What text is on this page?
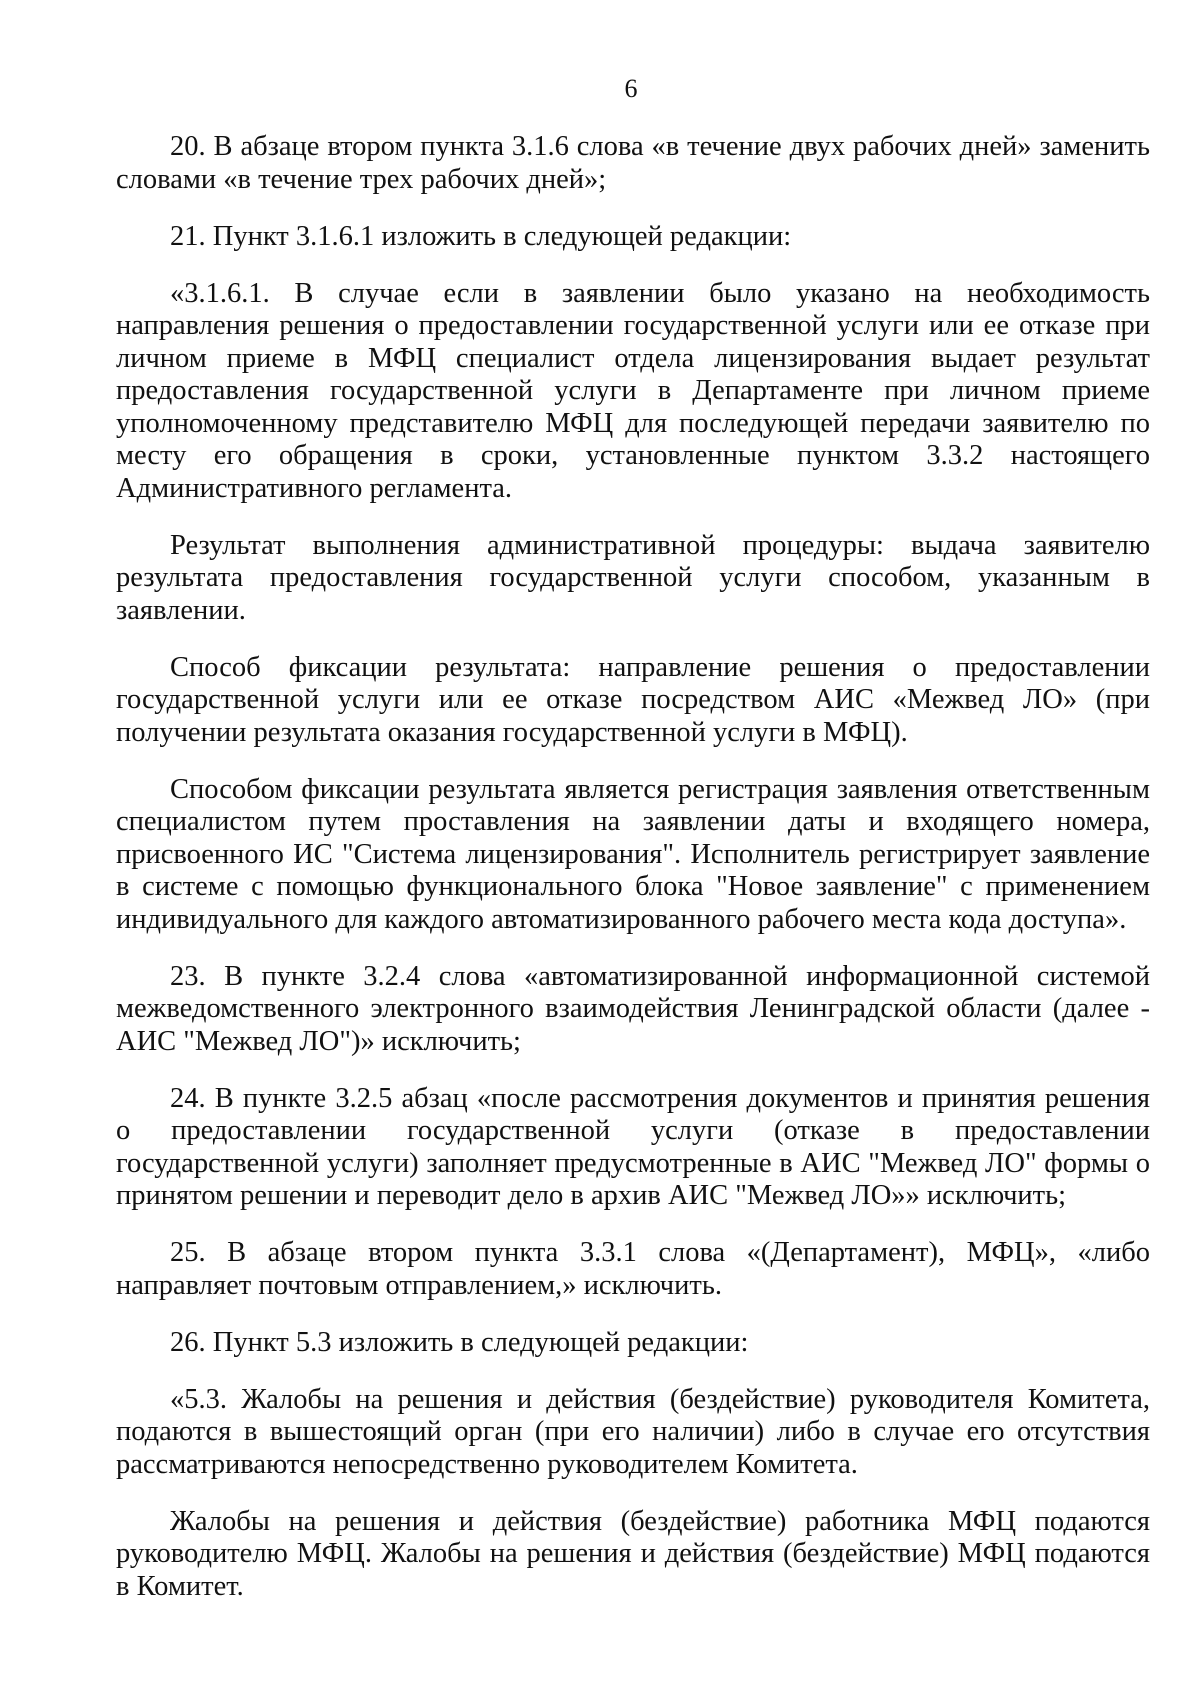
6

20. В абзаце втором пункта 3.1.6 слова «в течение двух рабочих дней» заменить словами «в течение трех рабочих дней»;

21. Пункт 3.1.6.1 изложить в следующей редакции:

«3.1.6.1. В случае если в заявлении было указано на необходимость направления решения о предоставлении государственной услуги или ее отказе при личном приеме в МФЦ специалист отдела лицензирования выдает результат предоставления государственной услуги в Департаменте при личном приеме уполномоченному представителю МФЦ для последующей передачи заявителю по месту его обращения в сроки, установленные пунктом 3.3.2 настоящего Административного регламента.

Результат выполнения административной процедуры: выдача заявителю результата предоставления государственной услуги способом, указанным в заявлении.

Способ фиксации результата: направление решения о предоставлении государственной услуги или ее отказе посредством АИС «Межвед ЛО» (при получении результата оказания государственной услуги в МФЦ).

Способом фиксации результата является регистрация заявления ответственным специалистом путем проставления на заявлении даты и входящего номера, присвоенного ИС "Система лицензирования". Исполнитель регистрирует заявление в системе с помощью функционального блока "Новое заявление" с применением индивидуального для каждого автоматизированного рабочего места кода доступа».

23. В пункте 3.2.4 слова «автоматизированной информационной системой межведомственного электронного взаимодействия Ленинградской области (далее - АИС "Межвед ЛО")» исключить;

24. В пункте 3.2.5 абзац «после рассмотрения документов и принятия решения о предоставлении государственной услуги (отказе в предоставлении государственной услуги) заполняет предусмотренные в АИС "Межвед ЛО" формы о принятом решении и переводит дело в архив АИС "Межвед ЛО»» исключить;

25. В абзаце втором пункта 3.3.1 слова «(Департамент), МФЦ», «либо направляет почтовым отправлением,» исключить.

26. Пункт 5.3 изложить в следующей редакции:

«5.3. Жалобы на решения и действия (бездействие) руководителя Комитета, подаются в вышестоящий орган (при его наличии) либо в случае его отсутствия рассматриваются непосредственно руководителем Комитета.

Жалобы на решения и действия (бездействие) работника МФЦ подаются руководителю МФЦ. Жалобы на решения и действия (бездействие) МФЦ подаются в Комитет.
